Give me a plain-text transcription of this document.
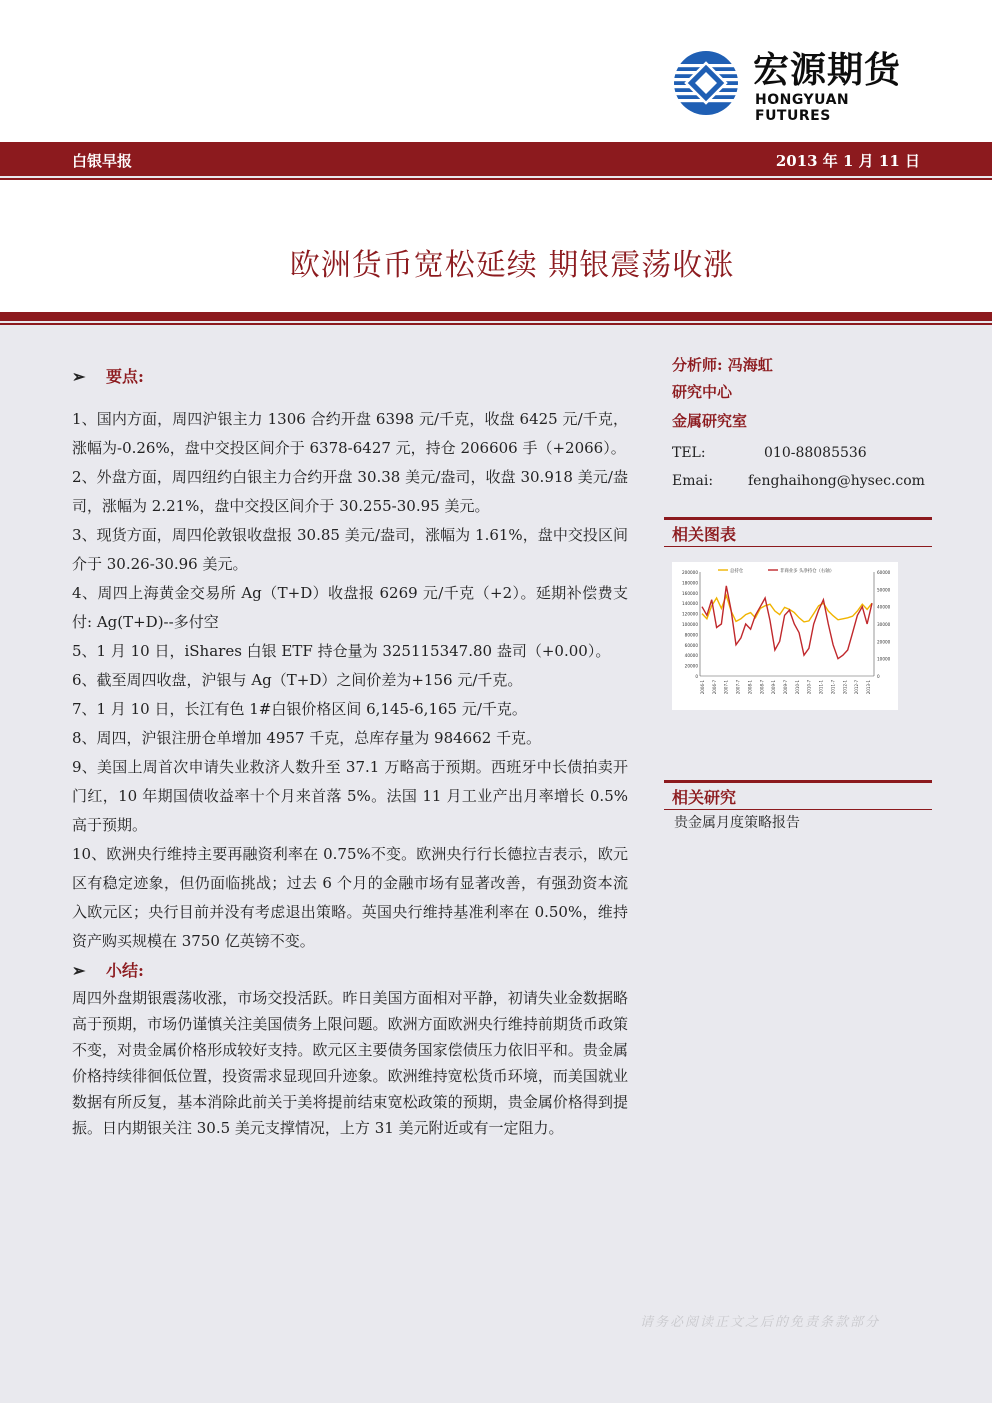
宏源期货
HONGYUAN FUTURES
白银早报	2013 年 1 月 11 日
欧洲货币宽松延续 期银震荡收涨
➢ 要点:
1、国内方面，周四沪银主力 1306 合约开盘 6398 元/千克，收盘 6425 元/千克，涨幅为-0.26%，盘中交投区间介于 6378-6427 元，持仓 206606 手（+2066）。
2、外盘方面，周四纽约白银主力合约开盘 30.38 美元/盎司，收盘 30.918 美元/盎司，涨幅为 2.21%，盘中交投区间介于 30.255-30.95 美元。
3、现货方面，周四伦敦银收盘报 30.85 美元/盎司，涨幅为 1.61%，盘中交投区间介于 30.26-30.96 美元。
4、周四上海黄金交易所 Ag（T+D）收盘报 6269 元/千克（+2）。延期补偿费支付: Ag(T+D)--多付空
5、1 月 10 日，iShares 白银 ETF 持仓量为 325115347.80 盎司（+0.00）。
6、截至周四收盘，沪银与 Ag（T+D）之间价差为+156 元/千克。
7、1 月 10 日，长江有色 1#白银价格区间 6,145-6,165 元/千克。
8、周四，沪银注册仓单增加 4957 千克，总库存量为 984662 千克。
9、美国上周首次申请失业救济人数升至 37.1 万略高于预期。西班牙中长债拍卖开门红，10 年期国债收益率十个月来首落 5%。法国 11 月工业产出月率增长 0.5%高于预期。
10、欧洲央行维持主要再融资利率在 0.75%不变。欧洲央行行长德拉吉表示，欧元区有稳定迹象，但仍面临挑战；过去 6 个月的金融市场有显著改善，有强劲资本流入欧元区；央行目前并没有考虑退出策略。英国央行维持基准利率在 0.50%，维持资产购买规模在 3750 亿英镑不变。
➢ 小结:
周四外盘期银震荡收涨，市场交投活跃。昨日美国方面相对平静，初请失业金数据略高于预期，市场仍谨慎关注美国债务上限问题。欧洲方面欧洲央行维持前期货币政策不变，对贵金属价格形成较好支持。欧元区主要债务国家偿债压力依旧平和。贵金属价格持续徘徊低位置，投资需求显现回升迹象。欧洲维持宽松货币环境，而美国就业数据有所反复，基本消除此前关于美将提前结束宽松政策的预期，贵金属价格得到提振。日内期银关注 30.5 美元支撑情况，上方 31 美元附近或有一定阻力。
分析师: 冯海虹
研究中心
金属研究室
TEL:	010-88085536
Emai: fenghaihong@hysec.com
相关图表
200000
180000
160000
140000
120000
100000
80000
60000
40000
20000
0
60000
50000
40000
30000
20000
10000
0
2006-1 2006-7 2007-1 2007-7 2008-1 2008-7 2009-1 2009-7 2010-1 2010-7 2011-1 2011-7 2012-1 2012-7 2013-1
总持仓	非商业多 头净持仓（右轴）
相关研究
贵金属月度策略报告
请务必阅读正文之后的免责条款部分
